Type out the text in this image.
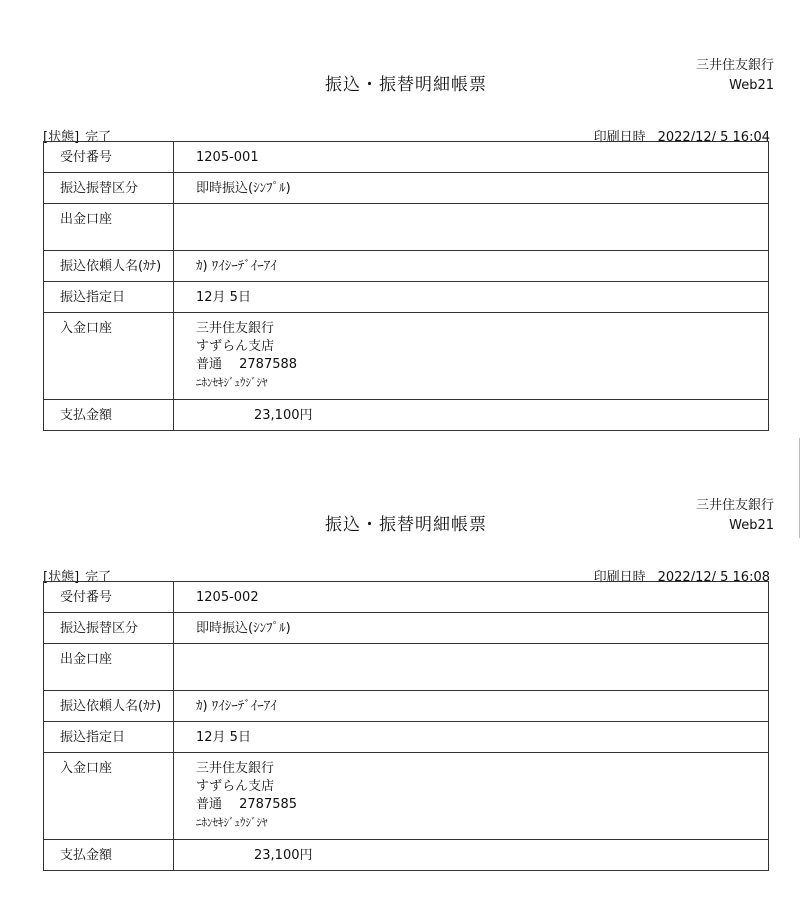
三井住友銀行
Web21
振込・振替明細帳票
[状態] 完了	印刷日時 2022/12/ 5 16:04
受付番号	1205-001
振込振替区分	即時振込(ｼﾝﾌﾟﾙ)
出金口座	
振込依頼人名(ｶﾅ)	ｶ) ﾜｲｼｰﾃﾞｲｰｱｲ
振込指定日	12月 5日
入金口座	三井住友銀行
すずらん支店
普通　 2787588
ﾆﾎﾝｾｷｼﾞｭｳｼﾞｼﾔ

支払金額	23,100円
三井住友銀行
Web21
振込・振替明細帳票
[状態] 完了	印刷日時 2022/12/ 5 16:08
受付番号	1205-002
振込振替区分	即時振込(ｼﾝﾌﾟﾙ)
出金口座	
振込依頼人名(ｶﾅ)	ｶ) ﾜｲｼｰﾃﾞｲｰｱｲ
振込指定日	12月 5日
入金口座	三井住友銀行
すずらん支店
普通　 2787585
ﾆﾎﾝｾｷｼﾞｭｳｼﾞｼﾔ

支払金額	23,100円
